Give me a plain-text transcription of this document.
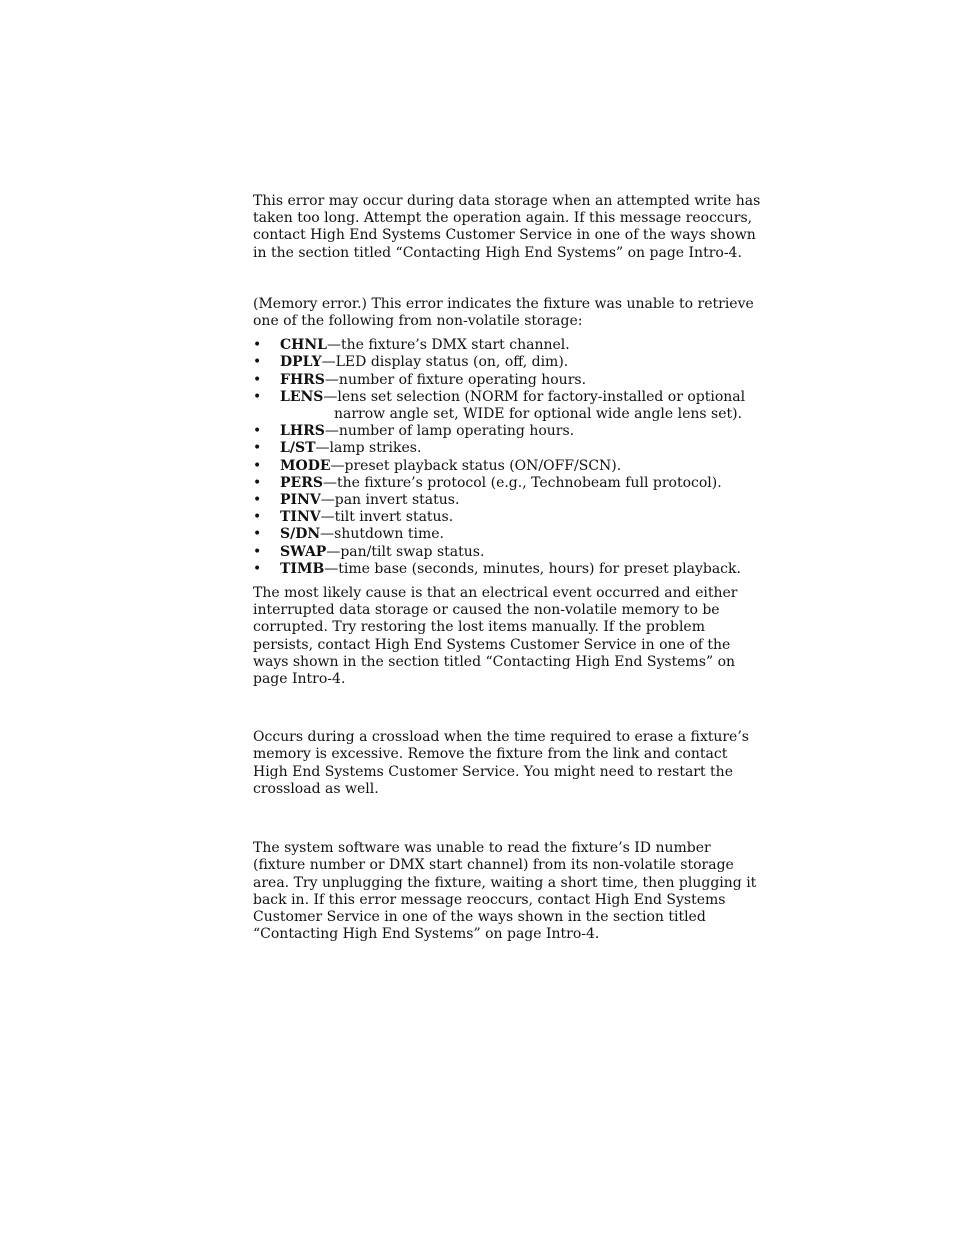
This error may occur during data storage when an attempted write has taken too long. Attempt the operation again. If this message reoccurs, contact High End Systems Customer Service in one of the ways shown in the section titled “Contacting High End Systems” on page Intro-4.

(Memory error.) This error indicates the fixture was unable to retrieve one of the following from non-volatile storage:

• CHNL—the fixture’s DMX start channel.
• DPLY—LED display status (on, off, dim).
• FHRS—number of fixture operating hours.
• LENS—lens set selection (NORM for factory-installed or optional narrow angle set, WIDE for optional wide angle lens set).
• LHRS—number of lamp operating hours.
• L/ST—lamp strikes.
• MODE—preset playback status (ON/OFF/SCN).
• PERS—the fixture’s protocol (e.g., Technobeam full protocol).
• PINV—pan invert status.
• TINV—tilt invert status.
• S/DN—shutdown time.
• SWAP—pan/tilt swap status.
• TIMB—time base (seconds, minutes, hours) for preset playback.

The most likely cause is that an electrical event occurred and either interrupted data storage or caused the non-volatile memory to be corrupted. Try restoring the lost items manually. If the problem persists, contact High End Systems Customer Service in one of the ways shown in the section titled “Contacting High End Systems” on page Intro-4.

Occurs during a crossload when the time required to erase a fixture’s memory is excessive. Remove the fixture from the link and contact High End Systems Customer Service. You might need to restart the crossload as well.

The system software was unable to read the fixture’s ID number (fixture number or DMX start channel) from its non-volatile storage area. Try unplugging the fixture, waiting a short time, then plugging it back in. If this error message reoccurs, contact High End Systems Customer Service in one of the ways shown in the section titled “Contacting High End Systems” on page Intro-4.
